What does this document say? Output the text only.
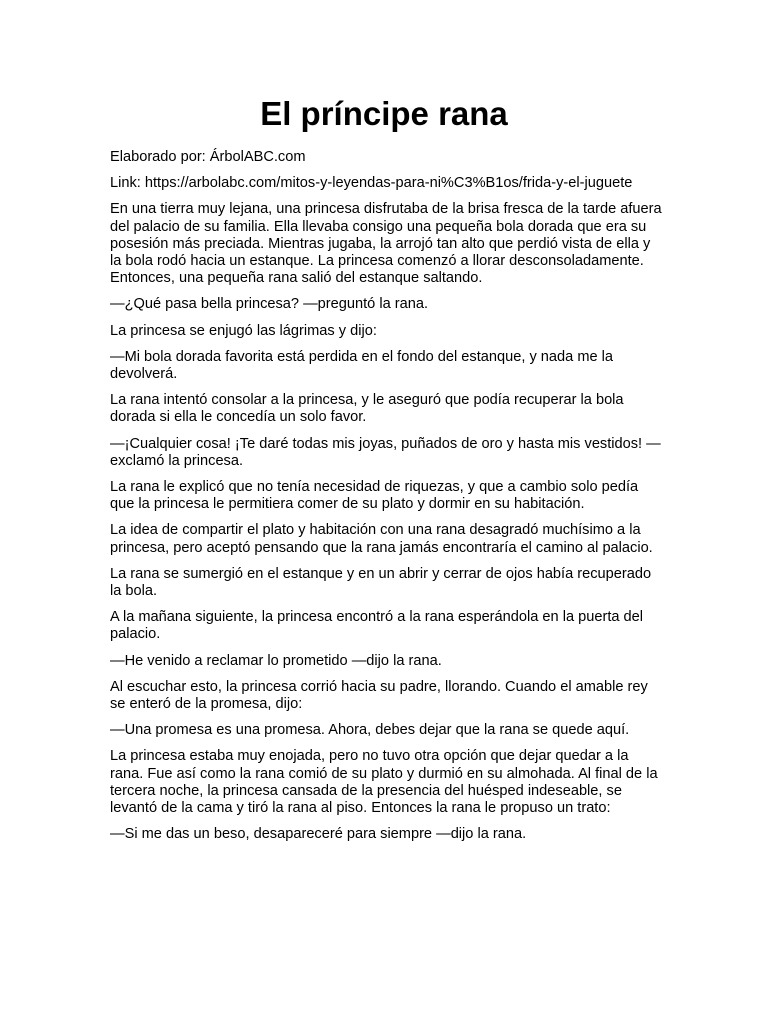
El príncipe rana

Elaborado por: ÁrbolABC.com

Link: https://arbolabc.com/mitos-y-leyendas-para-ni%C3%B1os/frida-y-el-juguete

En una tierra muy lejana, una princesa disfrutaba de la brisa fresca de la tarde afuera del palacio de su familia. Ella llevaba consigo una pequeña bola dorada que era su posesión más preciada. Mientras jugaba, la arrojó tan alto que perdió vista de ella y la bola rodó hacia un estanque. La princesa comenzó a llorar desconsoladamente. Entonces, una pequeña rana salió del estanque saltando.

—¿Qué pasa bella princesa? —preguntó la rana.

La princesa se enjugó las lágrimas y dijo:

—Mi bola dorada favorita está perdida en el fondo del estanque, y nada me la devolverá.

La rana intentó consolar a la princesa, y le aseguró que podía recuperar la bola dorada si ella le concedía un solo favor.

—¡Cualquier cosa! ¡Te daré todas mis joyas, puñados de oro y hasta mis vestidos! —exclamó la princesa.

La rana le explicó que no tenía necesidad de riquezas, y que a cambio solo pedía que la princesa le permitiera comer de su plato y dormir en su habitación.

La idea de compartir el plato y habitación con una rana desagradó muchísimo a la princesa, pero aceptó pensando que la rana jamás encontraría el camino al palacio.

La rana se sumergió en el estanque y en un abrir y cerrar de ojos había recuperado la bola.

A la mañana siguiente, la princesa encontró a la rana esperándola en la puerta del palacio.

—He venido a reclamar lo prometido —dijo la rana.

Al escuchar esto, la princesa corrió hacia su padre, llorando. Cuando el amable rey se enteró de la promesa, dijo:

—Una promesa es una promesa. Ahora, debes dejar que la rana se quede aquí.

La princesa estaba muy enojada, pero no tuvo otra opción que dejar quedar a la rana. Fue así como la rana comió de su plato y durmió en su almohada. Al final de la tercera noche, la princesa cansada de la presencia del huésped indeseable, se levantó de la cama y tiró la rana al piso. Entonces la rana le propuso un trato:

—Si me das un beso, desapareceré para siempre —dijo la rana.
